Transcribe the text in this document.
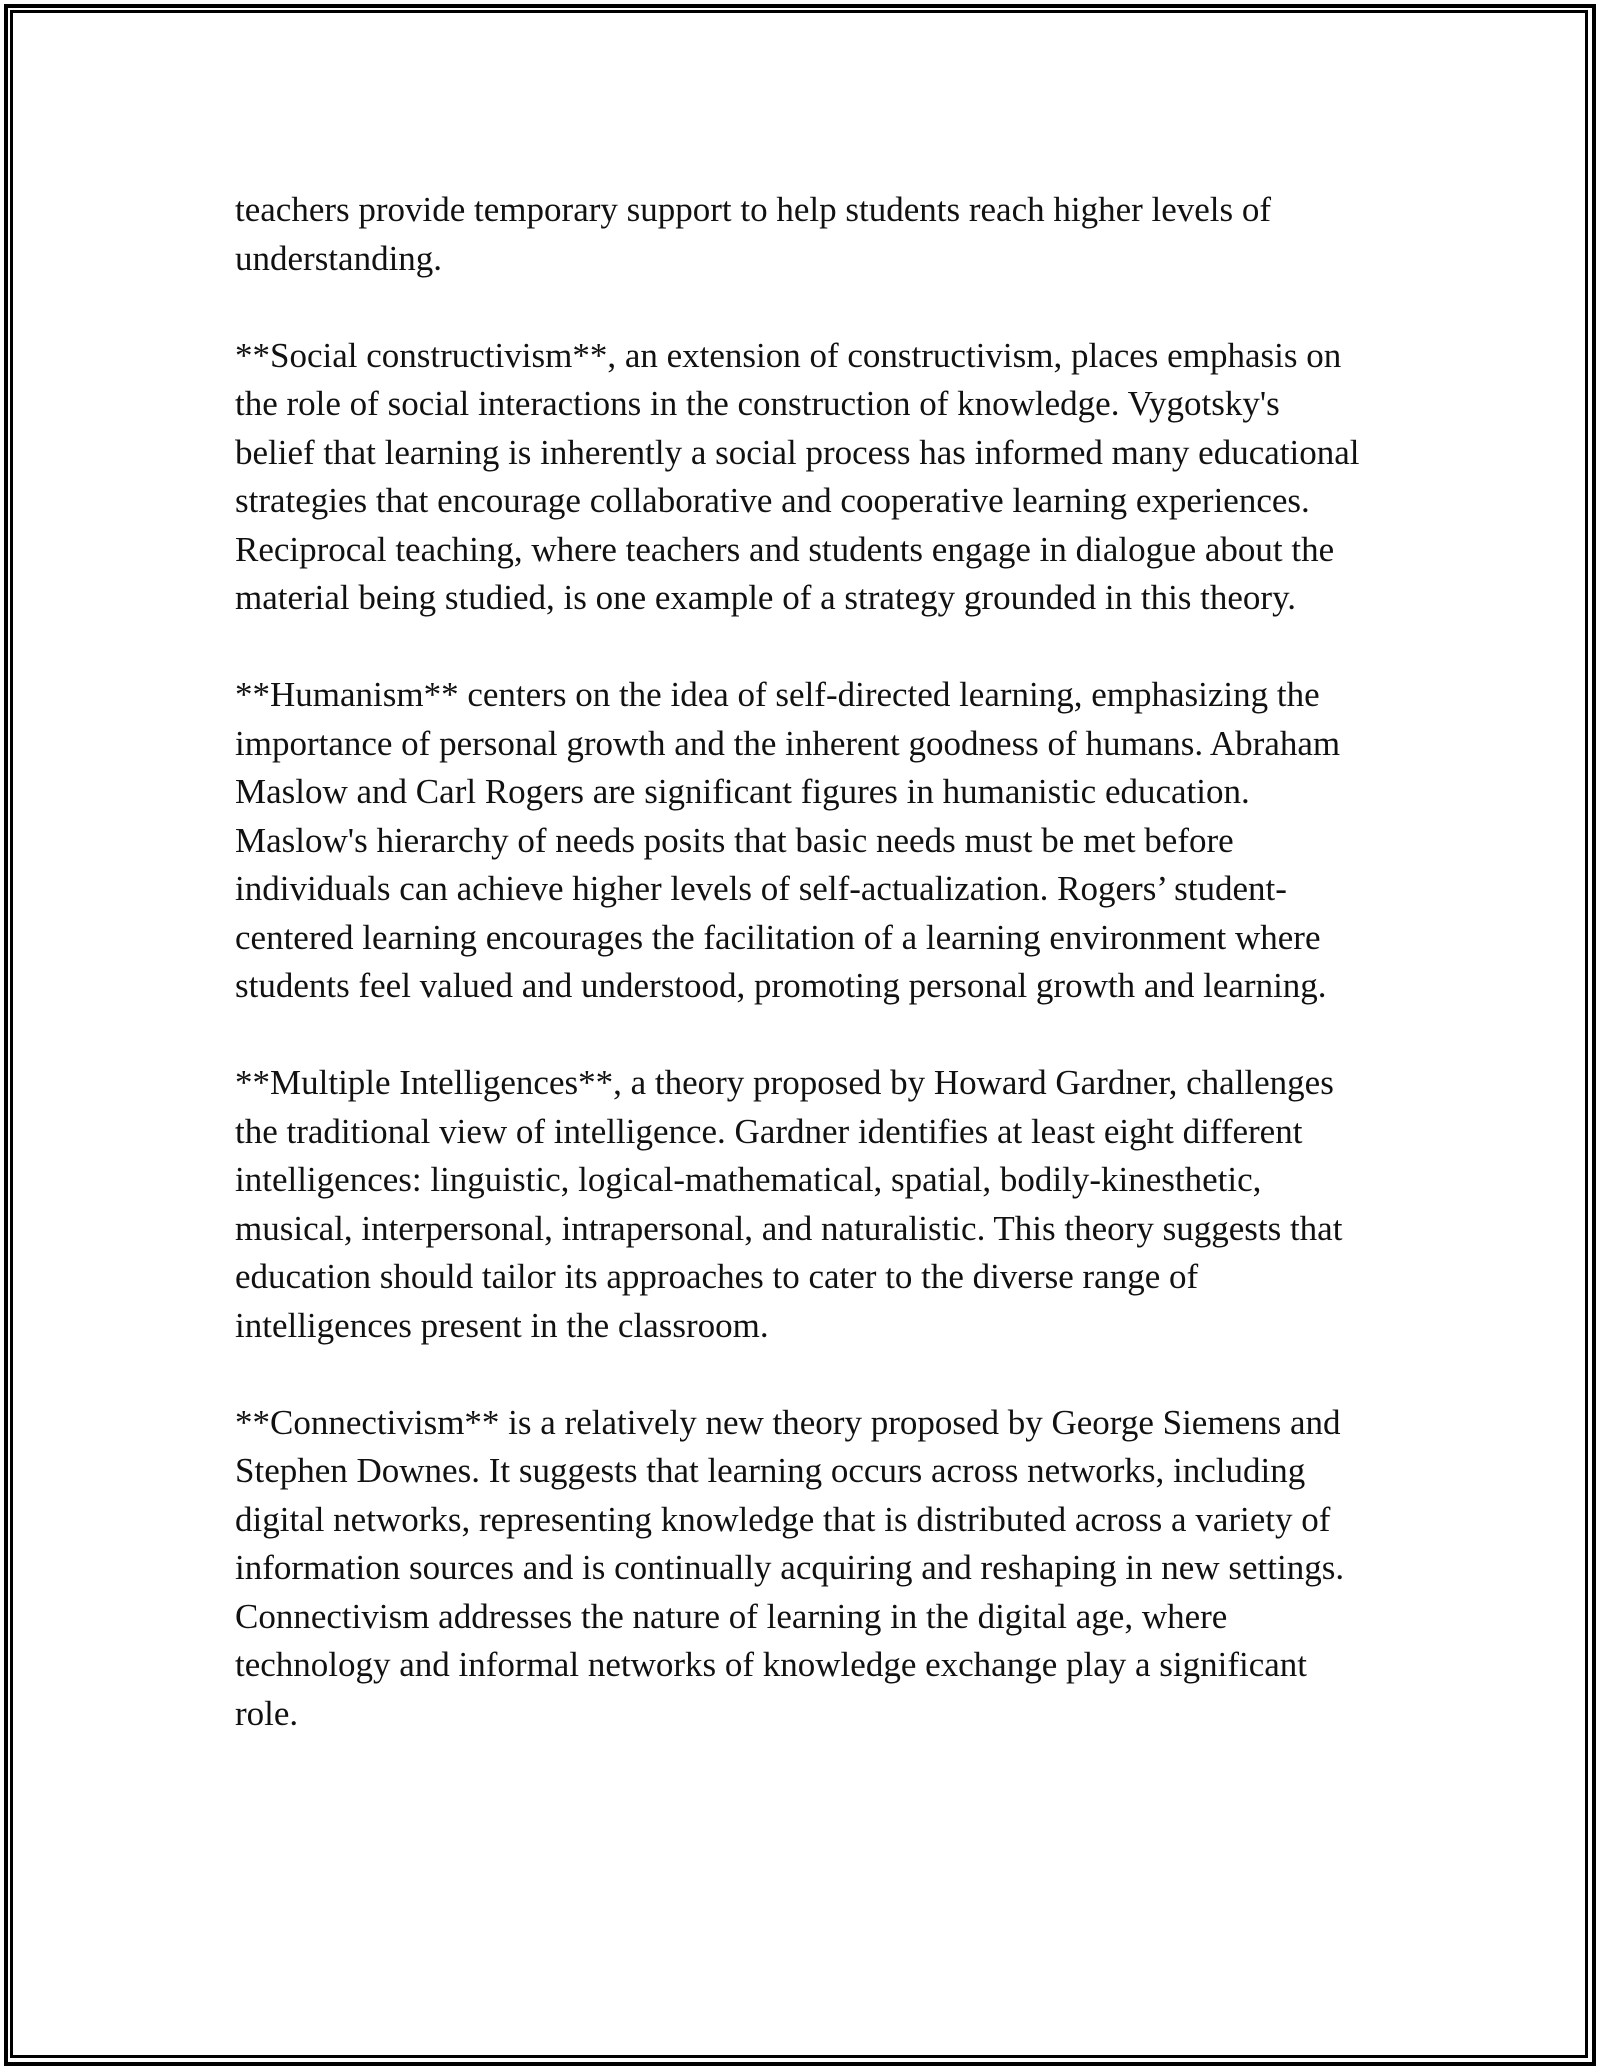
teachers provide temporary support to help students reach higher levels of understanding.

**Social constructivism**, an extension of constructivism, places emphasis on the role of social interactions in the construction of knowledge. Vygotsky's belief that learning is inherently a social process has informed many educational strategies that encourage collaborative and cooperative learning experiences. Reciprocal teaching, where teachers and students engage in dialogue about the material being studied, is one example of a strategy grounded in this theory.

**Humanism** centers on the idea of self-directed learning, emphasizing the importance of personal growth and the inherent goodness of humans. Abraham Maslow and Carl Rogers are significant figures in humanistic education. Maslow's hierarchy of needs posits that basic needs must be met before individuals can achieve higher levels of self-actualization. Rogers’ student-centered learning encourages the facilitation of a learning environment where students feel valued and understood, promoting personal growth and learning.

**Multiple Intelligences**, a theory proposed by Howard Gardner, challenges the traditional view of intelligence. Gardner identifies at least eight different intelligences: linguistic, logical-mathematical, spatial, bodily-kinesthetic, musical, interpersonal, intrapersonal, and naturalistic. This theory suggests that education should tailor its approaches to cater to the diverse range of intelligences present in the classroom.

**Connectivism** is a relatively new theory proposed by George Siemens and Stephen Downes. It suggests that learning occurs across networks, including digital networks, representing knowledge that is distributed across a variety of information sources and is continually acquiring and reshaping in new settings. Connectivism addresses the nature of learning in the digital age, where technology and informal networks of knowledge exchange play a significant role.
